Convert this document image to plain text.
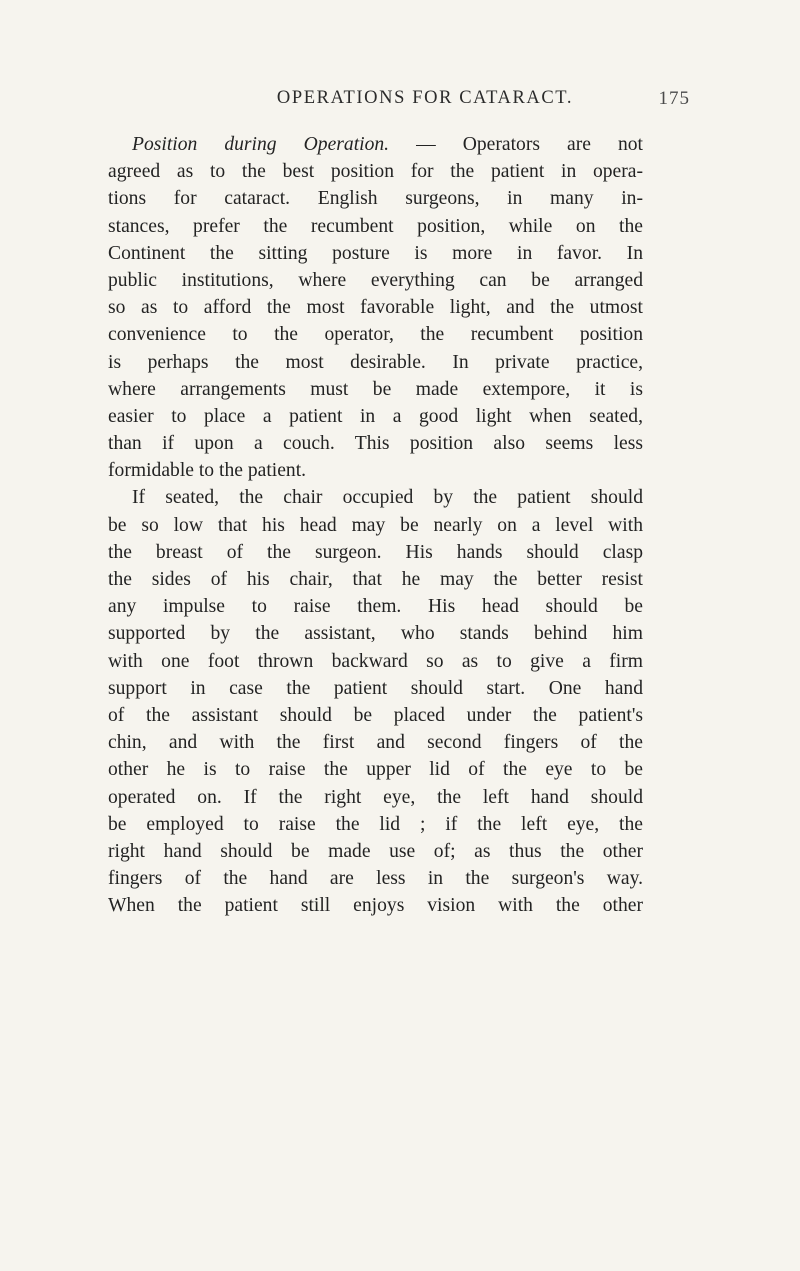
OPERATIONS FOR CATARACT.	175
Position during Operation. — Operators are not
agreed as to the best position for the patient in opera-
tions for cataract. English surgeons, in many in-
stances, prefer the recumbent position, while on the
Continent the sitting posture is more in favor. In
public institutions, where everything can be arranged
so as to afford the most favorable light, and the utmost
convenience to the operator, the recumbent position
is perhaps the most desirable. In private practice,
where arrangements must be made extempore, it is
easier to place a patient in a good light when seated,
than if upon a couch. This position also seems less
formidable to the patient.
If seated, the chair occupied by the patient should
be so low that his head may be nearly on a level with
the breast of the surgeon. His hands should clasp
the sides of his chair, that he may the better resist
any impulse to raise them. His head should be
supported by the assistant, who stands behind him
with one foot thrown backward so as to give a firm
support in case the patient should start. One hand
of the assistant should be placed under the patient's
chin, and with the first and second fingers of the
other he is to raise the upper lid of the eye to be
operated on. If the right eye, the left hand should
be employed to raise the lid ; if the left eye, the
right hand should be made use of; as thus the other
fingers of the hand are less in the surgeon's way.
When the patient still enjoys vision with the other
